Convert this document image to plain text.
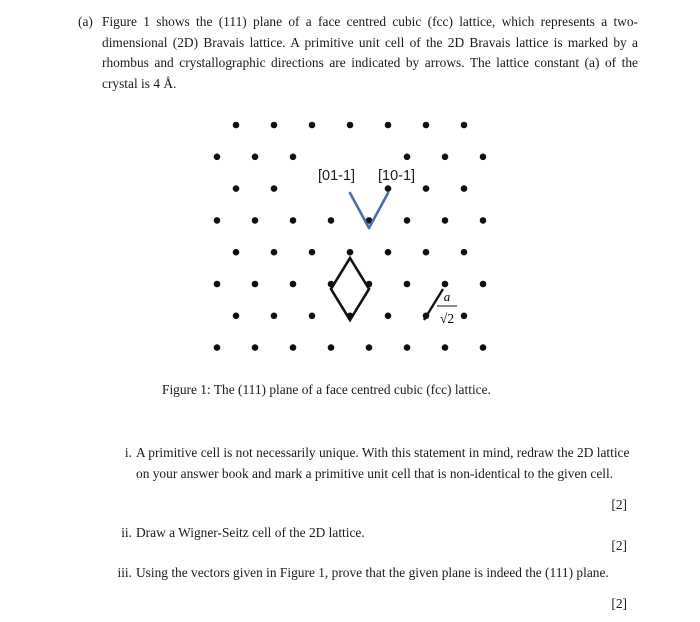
(a) Figure 1 shows the (111) plane of a face centred cubic (fcc) lattice, which represents a two-dimensional (2D) Bravais lattice. A primitive unit cell of the 2D Bravais lattice is marked by a rhombus and crystallographic directions are indicated by arrows. The lattice constant (a) of the crystal is 4 Å.
[01-1] [10-1]
a
√2
Figure 1: The (111) plane of a face centred cubic (fcc) lattice.
i. A primitive cell is not necessarily unique. With this statement in mind, redraw the 2D lattice on your answer book and mark a primitive unit cell that is non-identical to the given cell.
[2]
ii. Draw a Wigner-Seitz cell of the 2D lattice.
[2]
iii. Using the vectors given in Figure 1, prove that the given plane is indeed the (111) plane.
[2]
